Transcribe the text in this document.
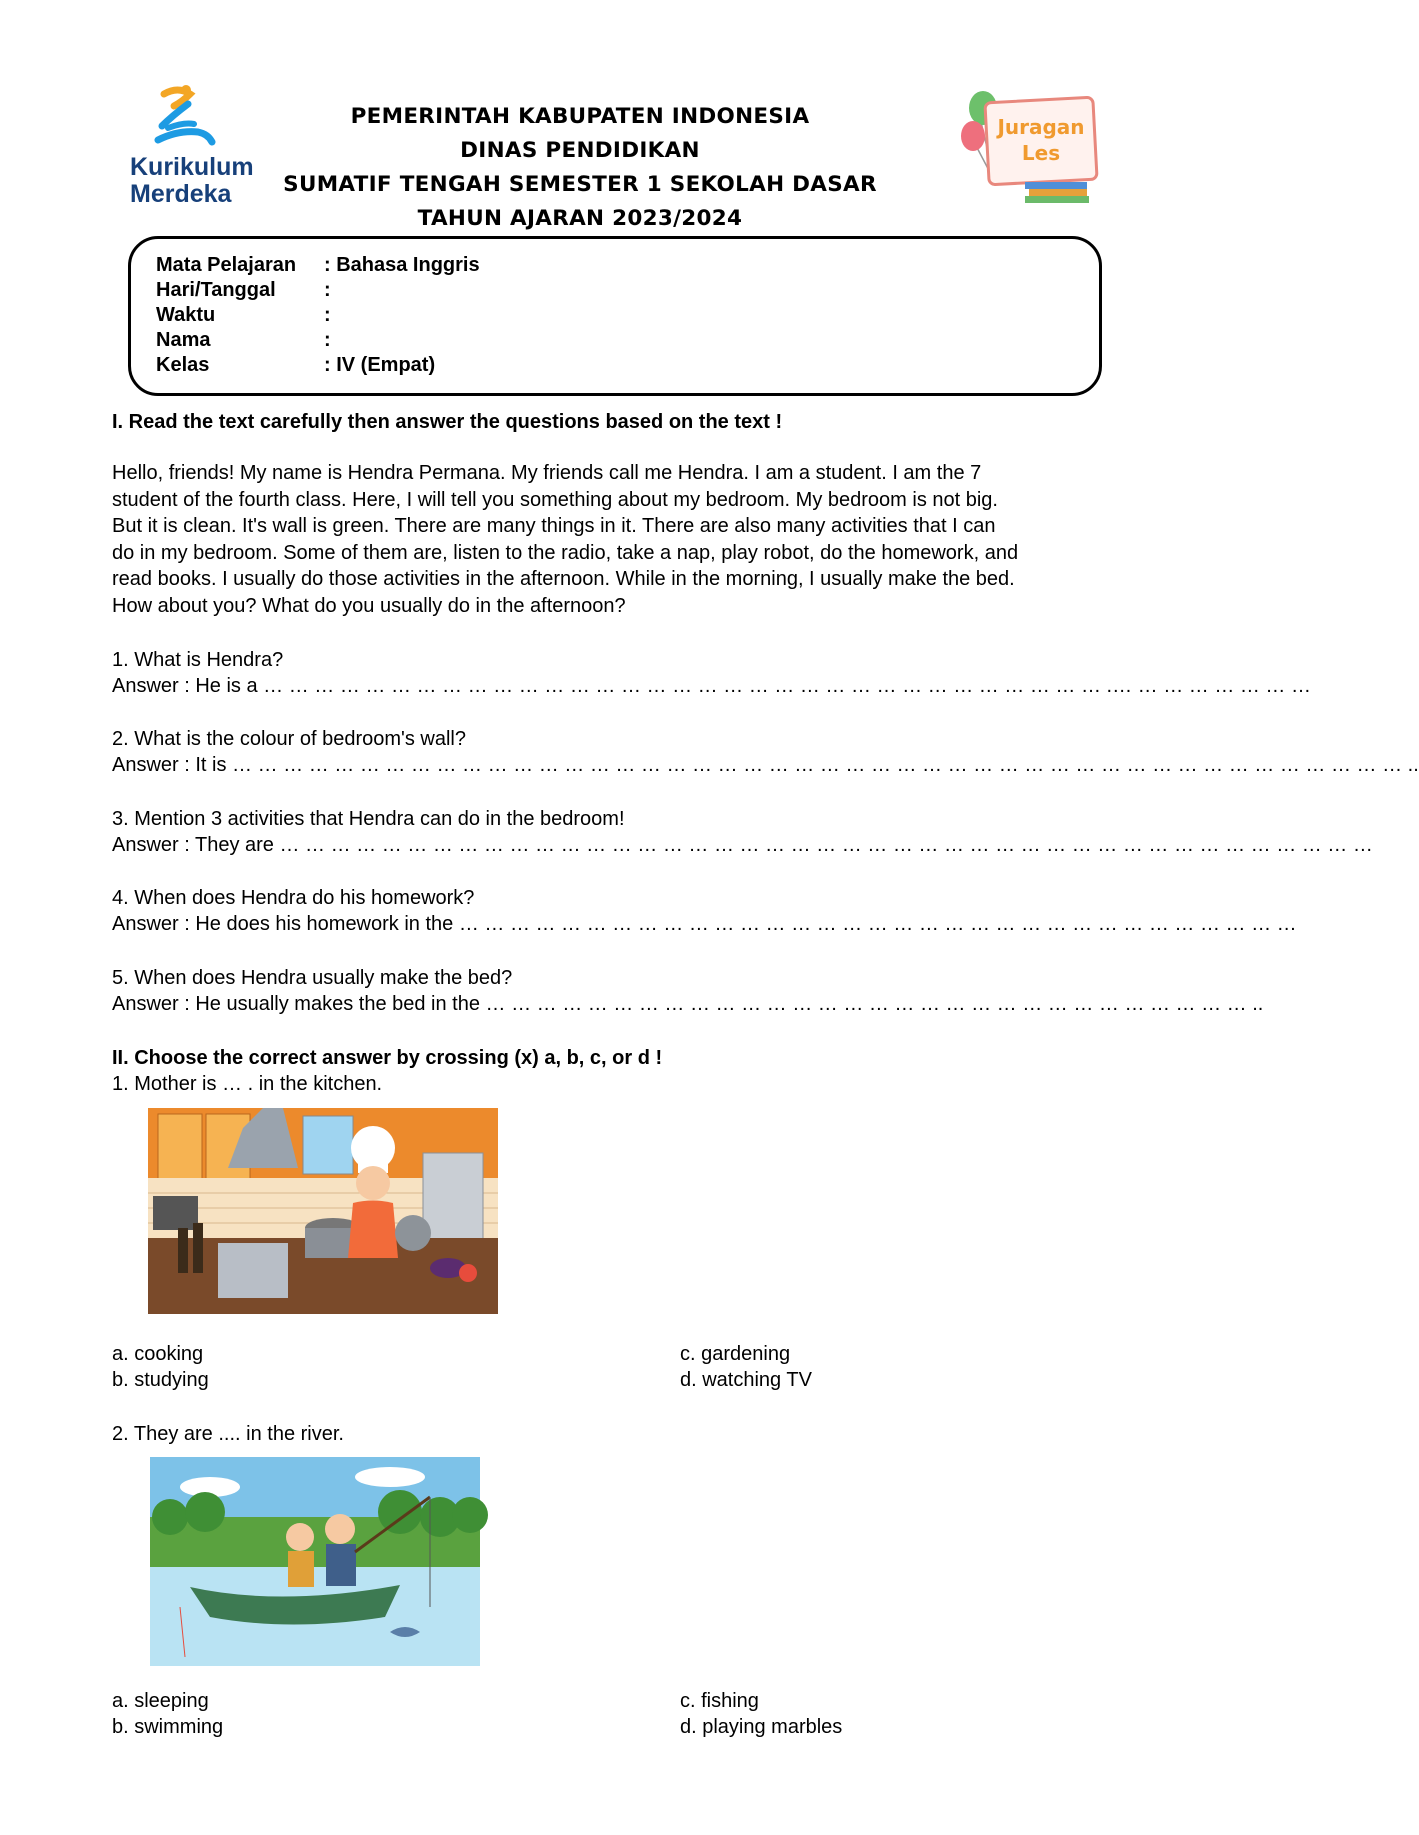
Kurikulum
Merdeka
PEMERINTAH KABUPATEN INDONESIA
DINAS PENDIDIKAN
SUMATIF TENGAH SEMESTER 1 SEKOLAH DASAR
TAHUN AJARAN 2023/2024
Juragan
Les
Mata Pelajaran : Bahasa Inggris
Hari/Tanggal :
Waktu	:
Nama	:
Kelas	: IV (Empat)
I. Read the text carefully then answer the questions based on the text !
Hello, friends! My name is Hendra Permana. My friends call me Hendra. I am a student. I am the 7
student of the fourth class. Here, I will tell you something about my bedroom. My bedroom is not big.
But it is clean. It's wall is green. There are many things in it. There are also many activities that I can
do in my bedroom. Some of them are, listen to the radio, take a nap, play robot, do the homework, and
read books. I usually do those activities in the afternoon. While in the morning, I usually make the bed.
How about you? What do you usually do in the afternoon?
1. What is Hendra?
Answer : He is a … … … … … … … … … … … … … … … … … … … … … … … … … … … … … … … … … .… … … … … … … …
2. What is the colour of bedroom's wall?
Answer : It is … … … … … … … … … … … … … … … … … … … … … … … … … … … … … … … … … … … … … … … … … … … … … … ..
3. Mention 3 activities that Hendra can do in the bedroom!
Answer : They are … … … … … … … … … … … … … … … … … … … … … … … … … … … … … … … … … … … … … … … … … … …
4. When does Hendra do his homework?
Answer : He does his homework in the … … … … … … … … … … … … … … … … … … … … … … … … … … … … … … … … …
5. When does Hendra usually make the bed?
Answer : He usually makes the bed in the … … … … … … … … … … … … … … … … … … … … … … … … … … … … … … ..
II. Choose the correct answer by crossing (x) a, b, c, or d !
1. Mother is … . in the kitchen.
a. cooking
b. studying
c. gardening
d. watching TV
2. They are .... in the river.
a. sleeping
b. swimming
c. fishing
d. playing marbles
